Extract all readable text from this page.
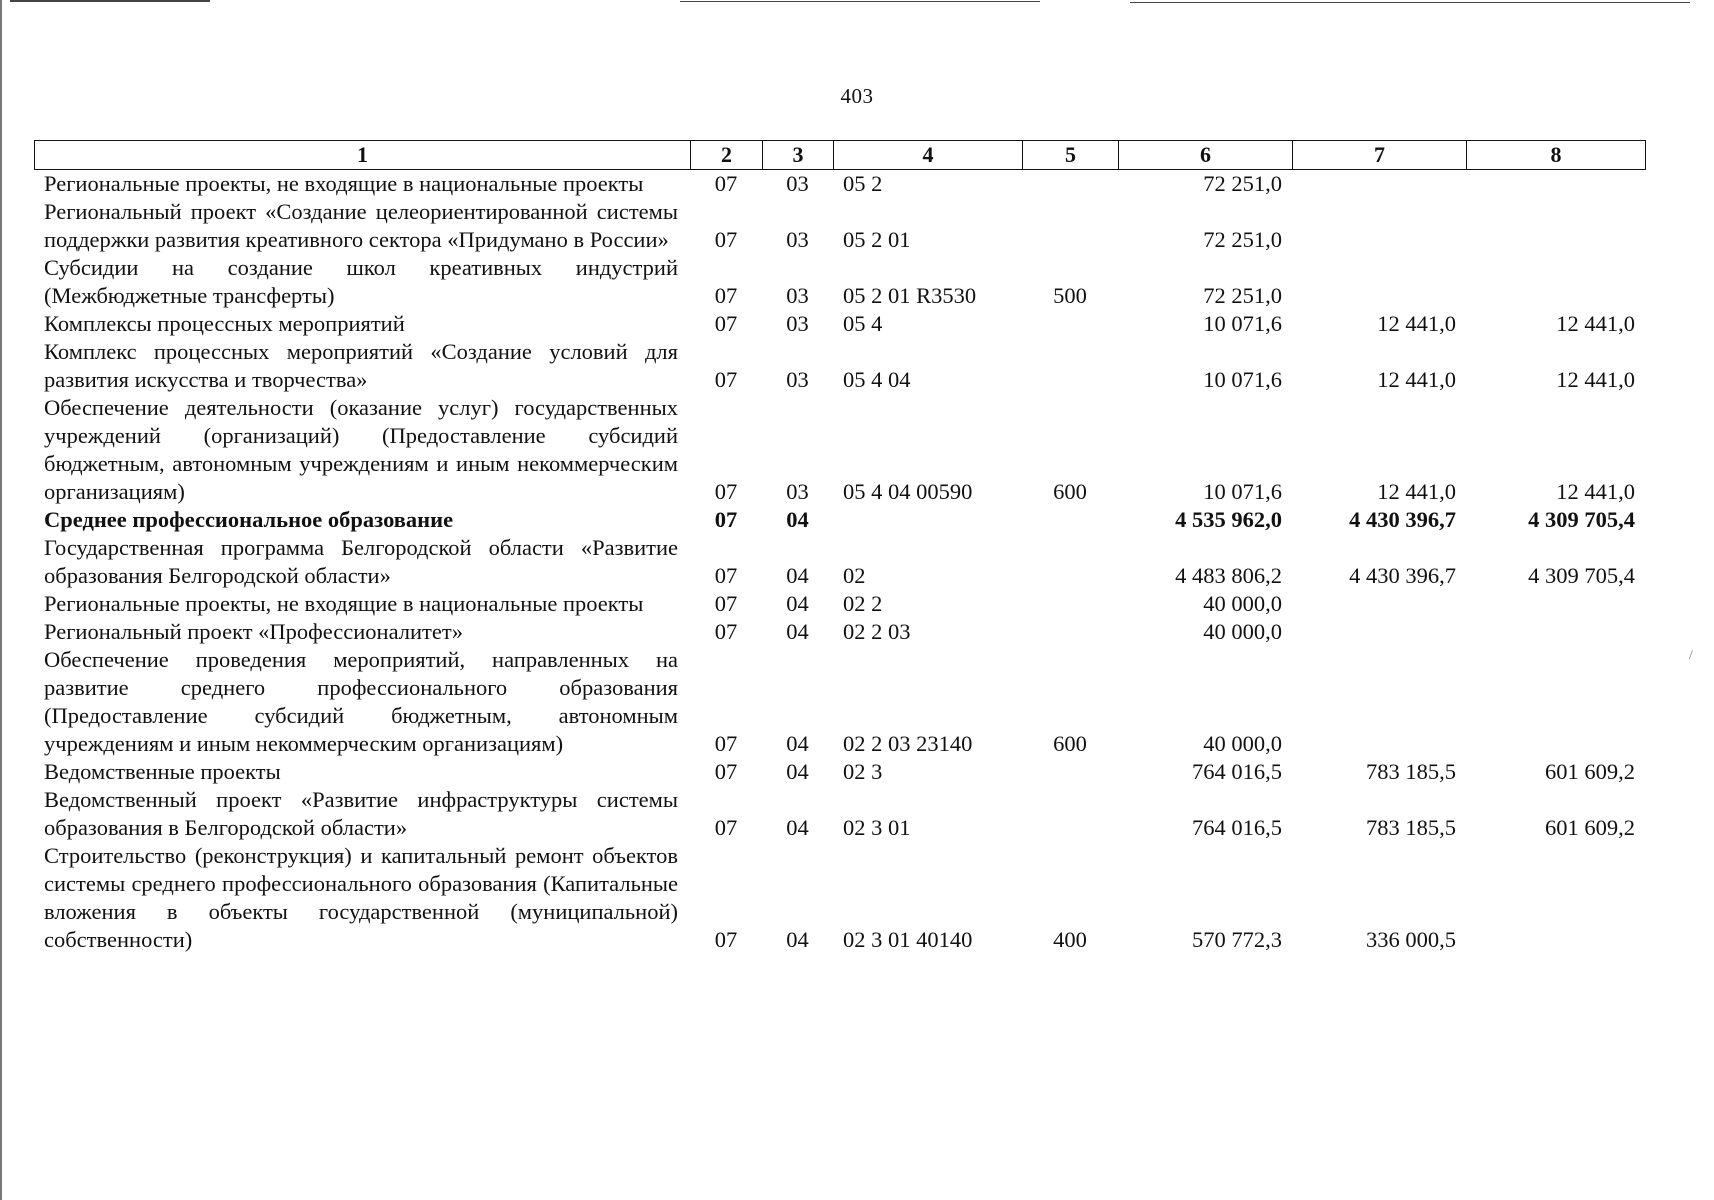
/
403
1	2	3	4	5	6	7	8
Региональные проекты, не входящие в национальные проекты	07	03	05 2		72 251,0		
Региональный проект «Создание целеориентированной системы поддержки развития креативного сектора «Придумано в России»	07	03	05 2 01		72 251,0		
Субсидии на создание школ креативных индустрий (Межбюджетные трансферты)	07	03	05 2 01 R3530	500	72 251,0		
Комплексы процессных мероприятий	07	03	05 4		10 071,6	12 441,0	12 441,0
Комплекс процессных мероприятий «Создание условий для развития искусства и творчества»	07	03	05 4 04		10 071,6	12 441,0	12 441,0
Обеспечение деятельности (оказание услуг) государственных учреждений (организаций) (Предоставление субсидий бюджетным, автономным учреждениям и иным некоммерческим организациям)	07	03	05 4 04 00590	600	10 071,6	12 441,0	12 441,0
Среднее профессиональное образование	07	04			4 535 962,0	4 430 396,7	4 309 705,4
Государственная программа Белгородской области «Развитие образования Белгородской области»	07	04	02		4 483 806,2	4 430 396,7	4 309 705,4
Региональные проекты, не входящие в национальные проекты	07	04	02 2		40 000,0		
Региональный проект «Профессионалитет»	07	04	02 2 03		40 000,0		
Обеспечение проведения мероприятий, направленных на развитие среднего профессионального образования (Предоставление субсидий бюджетным, автономным учреждениям и иным некоммерческим организациям)	07	04	02 2 03 23140	600	40 000,0		
Ведомственные проекты	07	04	02 3		764 016,5	783 185,5	601 609,2
Ведомственный проект «Развитие инфраструктуры системы образования в Белгородской области»	07	04	02 3 01		764 016,5	783 185,5	601 609,2
Строительство (реконструкция) и капитальный ремонт объектов системы среднего профессионального образования (Капитальные вложения в объекты государственной (муниципальной) собственности)	07	04	02 3 01 40140	400	570 772,3	336 000,5	
